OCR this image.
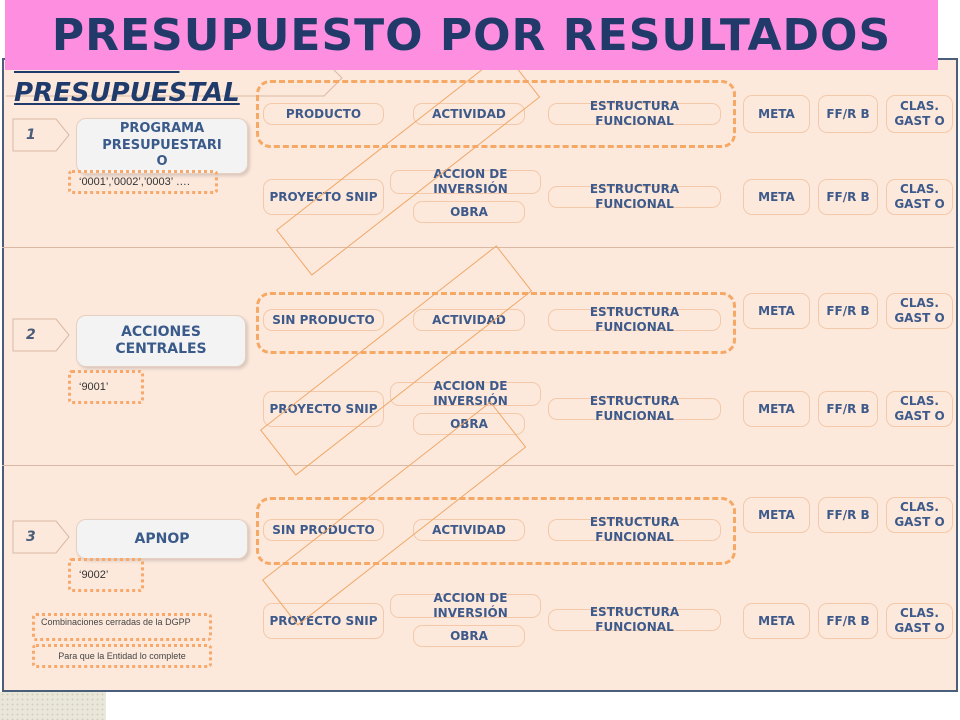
PRESUPUESTO POR RESULTADOS
PRESUPUESTAL
1	PROGRAMA
PRESUPUESTARI
O
‘0001’,’0002’,’0003’ ….
PRODUCTO	ACTIVIDAD
ESTRUCTURA FUNCIONAL
META	FF/R B
CLAS. GAST O
PROYECTO SNIP
ACCION DE INVERSIÓN
OBRA
ESTRUCTURA FUNCIONAL
META	FF/R B
CLAS. GAST O
2	ACCIONES CENTRALES
‘9001’
SIN PRODUCTO	ACTIVIDAD
ESTRUCTURA FUNCIONAL
META	FF/R B
CLAS. GAST O
PROYECTO SNIP
ACCION DE INVERSIÓN
OBRA
ESTRUCTURA FUNCIONAL
META	FF/R B
CLAS. GAST O
3	APNOP
‘9002’
SIN PRODUCTO	ACTIVIDAD
ESTRUCTURA FUNCIONAL
META	FF/R B
CLAS. GAST O
PROYECTO SNIP
ACCION DE INVERSIÓN
OBRA
ESTRUCTURA FUNCIONAL	META	FF/R B
CLAS. GAST O
Combinaciones cerradas de la DGPP
Para que la Entidad lo complete
